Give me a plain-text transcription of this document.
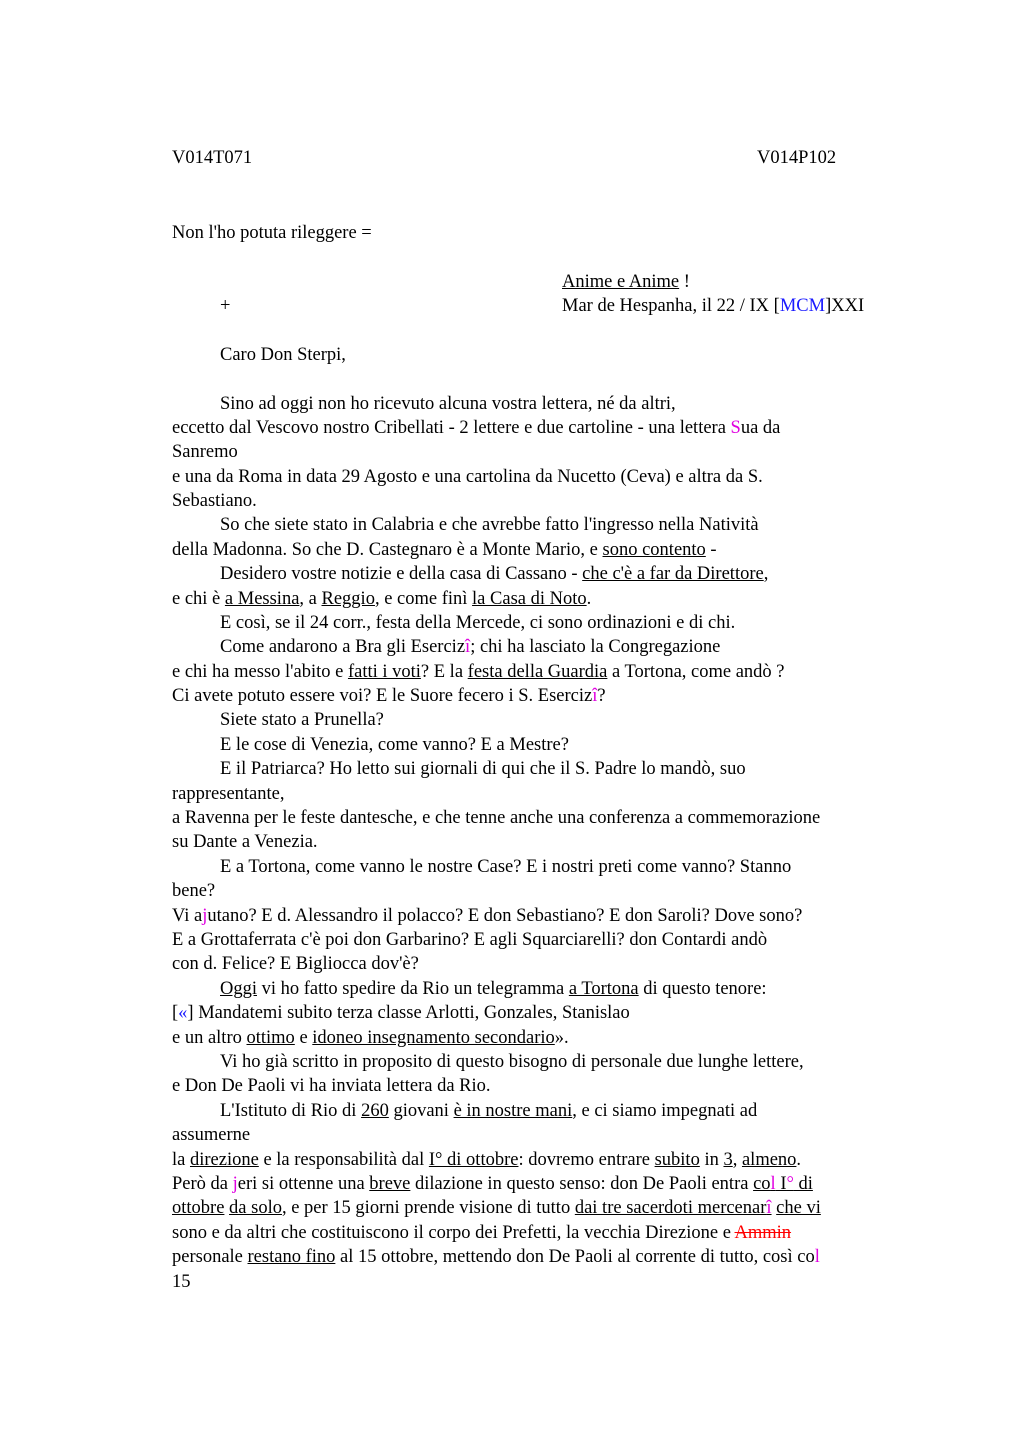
V014T071	V014P102
Non l'ho potuta rileggere =
Anime e Anime !
+	Mar de Hespanha, il 22 / IX [MCM]XXI
Caro Don Sterpi,
Sino ad oggi non ho ricevuto alcuna vostra lettera, né da altri,
eccetto dal Vescovo nostro Cribellati - 2 lettere e due cartoline - una lettera Sua da
Sanremo
e una da Roma in data 29 Agosto e una cartolina da Nucetto (Ceva) e altra da S.
Sebastiano.
So che siete stato in Calabria e che avrebbe fatto l'ingresso nella Natività
della Madonna. So che D. Castegnaro è a Monte Mario, e sono contento -
Desidero vostre notizie e della casa di Cassano - che c'è a far da Direttore,
e chi è a Messina, a Reggio, e come finì la Casa di Noto.
E così, se il 24 corr., festa della Mercede, ci sono ordinazioni e di chi.
Come andarono a Bra gli Esercizî; chi ha lasciato la Congregazione
e chi ha messo l'abito e fatti i voti? E la festa della Guardia a Tortona, come andò ?
Ci avete potuto essere voi? E le Suore fecero i S. Esercizî?
Siete stato a Prunella?
E le cose di Venezia, come vanno? E a Mestre?
E il Patriarca? Ho letto sui giornali di qui che il S. Padre lo mandò, suo
rappresentante,
a Ravenna per le feste dantesche, e che tenne anche una conferenza a commemorazione
su Dante a Venezia.
E a Tortona, come vanno le nostre Case? E i nostri preti come vanno? Stanno
bene?
Vi ajutano? E d. Alessandro il polacco? E don Sebastiano? E don Saroli? Dove sono?
E a Grottaferrata c'è poi don Garbarino? E agli Squarciarelli? don Contardi andò
con d. Felice? E Bigliocca dov'è?
Oggi vi ho fatto spedire da Rio un telegramma a Tortona di questo tenore:
[«] Mandatemi subito terza classe Arlotti, Gonzales, Stanislao
e un altro ottimo e idoneo insegnamento secondario».
Vi ho già scritto in proposito di questo bisogno di personale due lunghe lettere,
e Don De Paoli vi ha inviata lettera da Rio.
L'Istituto di Rio di 260 giovani è in nostre mani, e ci siamo impegnati ad
assumerne
la direzione e la responsabilità dal I° di ottobre: dovremo entrare subito in 3, almeno.
Però da jeri si ottenne una breve dilazione in questo senso: don De Paoli entra col I° di
ottobre da solo, e per 15 giorni prende visione di tutto dai tre sacerdoti mercenarî che vi
sono e da altri che costituiscono il corpo dei Prefetti, la vecchia Direzione e Ammin
personale restano fino al 15 ottobre, mettendo don De Paoli al corrente di tutto, così col
15
